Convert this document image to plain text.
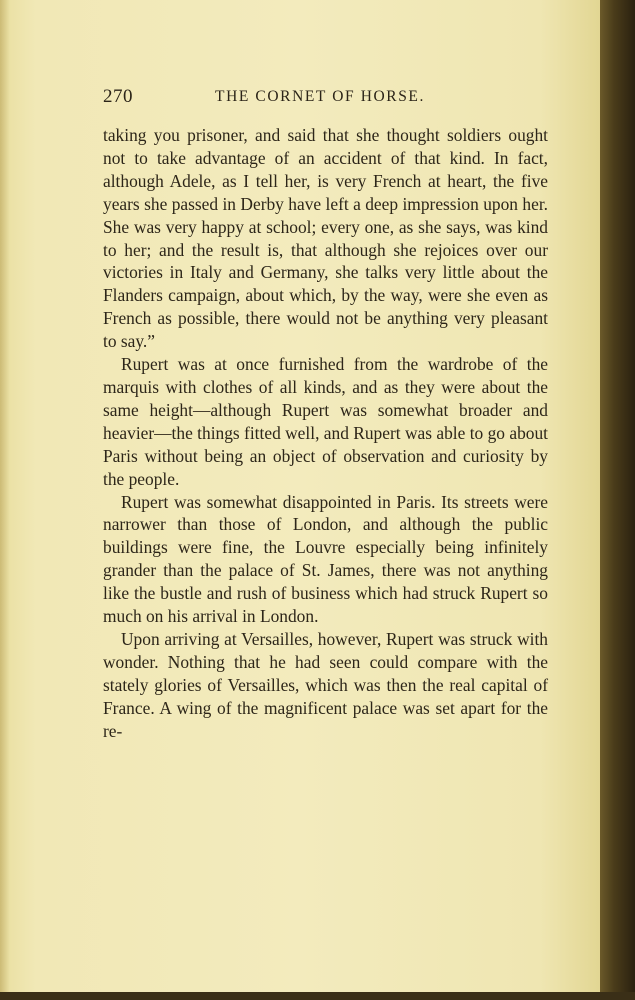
270	THE CORNET OF HORSE.

taking you prisoner, and said that she thought soldiers ought not to take advantage of an accident of that kind. In fact, although Adele, as I tell her, is very French at heart, the five years she passed in Derby have left a deep impression upon her. She was very happy at school; every one, as she says, was kind to her; and the result is, that although she rejoices over our victories in Italy and Germany, she talks very little about the Flanders campaign, about which, by the way, were she even as French as possible, there would not be anything very pleasant to say.”

Rupert was at once furnished from the wardrobe of the marquis with clothes of all kinds, and as they were about the same height—although Rupert was somewhat broader and heavier—the things fitted well, and Rupert was able to go about Paris without being an object of observation and curiosity by the people.

Rupert was somewhat disappointed in Paris. Its streets were narrower than those of London, and although the public buildings were fine, the Louvre especially being infinitely grander than the palace of St. James, there was not anything like the bustle and rush of business which had struck Rupert so much on his arrival in London.

Upon arriving at Versailles, however, Rupert was struck with wonder. Nothing that he had seen could compare with the stately glories of Versailles, which was then the real capital of France. A wing of the magnificent palace was set apart for the re-
